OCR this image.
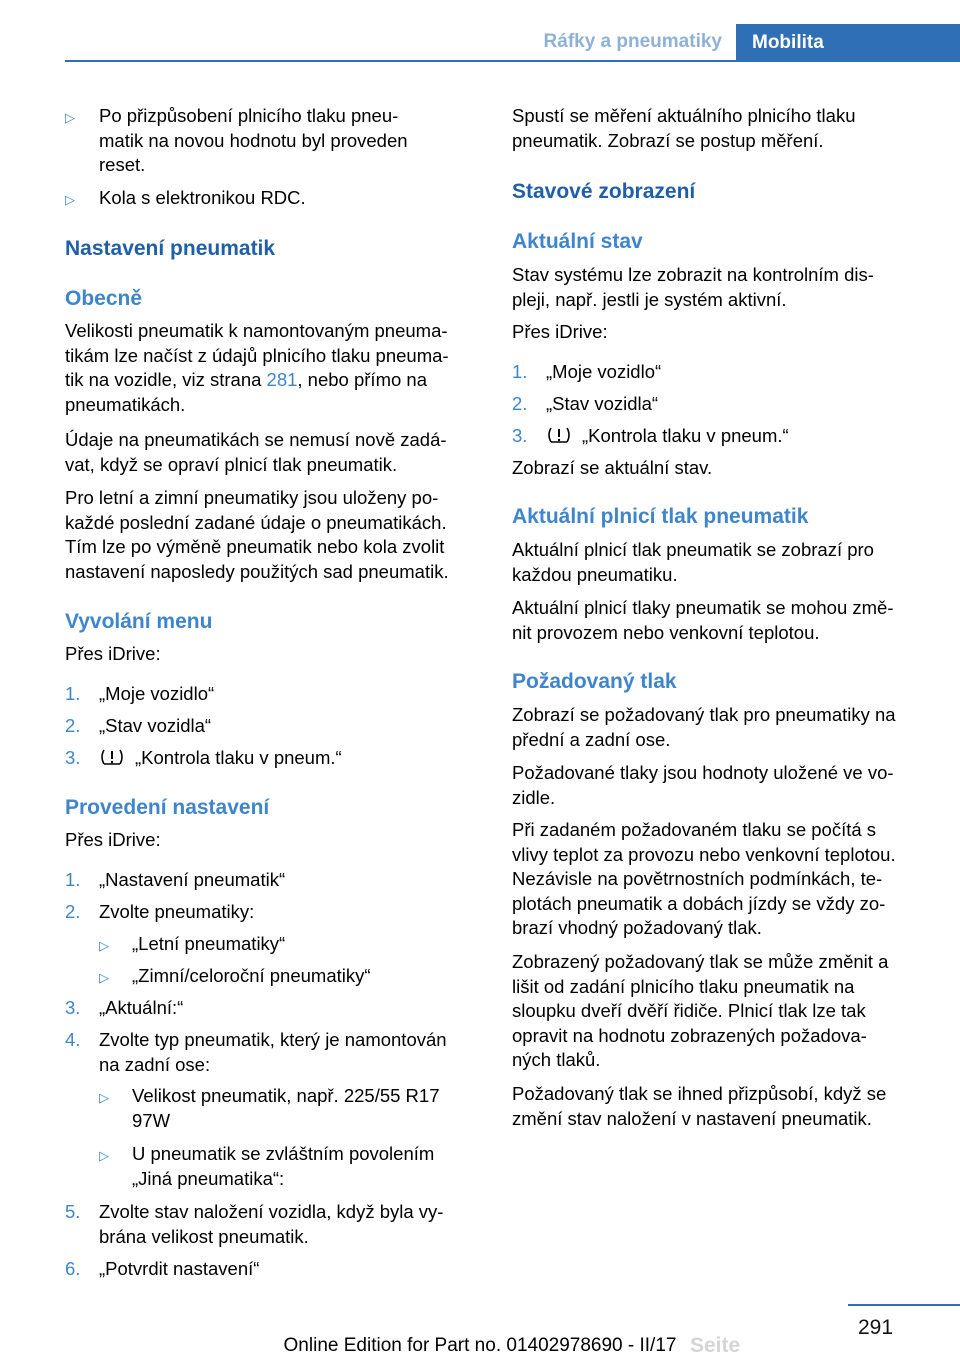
Ráfky a pneumatiky	Mobilita
▷ Po přizpůsobení plnicího tlaku pneu-
matik na novou hodnotu byl proveden
reset.
▷ Kola s elektronikou RDC.
Nastavení pneumatik
Obecně

Velikosti pneumatik k namontovaným pneuma-
tikám lze načíst z údajů plnicího tlaku pneuma-
tik na vozidle, viz strana 281, nebo přímo na
pneumatikách.

Údaje na pneumatikách se nemusí nově zadá-
vat, když se opraví plnicí tlak pneumatik.

Pro letní a zimní pneumatiky jsou uloženy po-
každé poslední zadané údaje o pneumatikách.
Tím lze po výměně pneumatik nebo kola zvolit
nastavení naposledy použitých sad pneumatik.

Vyvolání menu

Přes iDrive:

1. „Moje vozidlo“
2. „Stav vozidla“
3.	„Kontrola tlaku v pneum.“
Provedení nastavení

Přes iDrive:

1. „Nastavení pneumatik“
2. Zvolte pneumatiky:
▷ „Letní pneumatiky“
▷ „Zimní/celoroční pneumatiky“
3. „Aktuální:“
4. Zvolte typ pneumatik, který je namontován
na zadní ose:
▷ Velikost pneumatik, např. 225/55 R17
97W
▷ U pneumatik se zvláštním povolením
„Jiná pneumatika“:
5. Zvolte stav naložení vozidla, když byla vy-
brána velikost pneumatik.
6. „Potvrdit nastavení“

Spustí se měření aktuálního plnicího tlaku
pneumatik. Zobrazí se postup měření.

Stavové zobrazení
Aktuální stav

Stav systému lze zobrazit na kontrolním dis-
pleji, např. jestli je systém aktivní.

Přes iDrive:

1. „Moje vozidlo“
2. „Stav vozidla“
3.	„Kontrola tlaku v pneum.“

Zobrazí se aktuální stav.

Aktuální plnicí tlak pneumatik

Aktuální plnicí tlak pneumatik se zobrazí pro
každou pneumatiku.

Aktuální plnicí tlaky pneumatik se mohou změ-
nit provozem nebo venkovní teplotou.

Požadovaný tlak

Zobrazí se požadovaný tlak pro pneumatiky na
přední a zadní ose.

Požadované tlaky jsou hodnoty uložené ve vo-
zidle.

Při zadaném požadovaném tlaku se počítá s
vlivy teplot za provozu nebo venkovní teplotou.
Nezávisle na povětrnostních podmínkách, te-
plotách pneumatik a dobách jízdy se vždy zo-
brazí vhodný požadovaný tlak.

Zobrazený požadovaný tlak se může změnit a
lišit od zadání plnicího tlaku pneumatik na
sloupku dveří dvěří řidiče. Plnicí tlak lze tak
opravit na hodnotu zobrazených požadova-
ných tlaků.

Požadovaný tlak se ihned přizpůsobí, když se
změní stav naložení v nastavení pneumatik.

291
Seite
Online Edition for Part no. 01402978690 - II/17
